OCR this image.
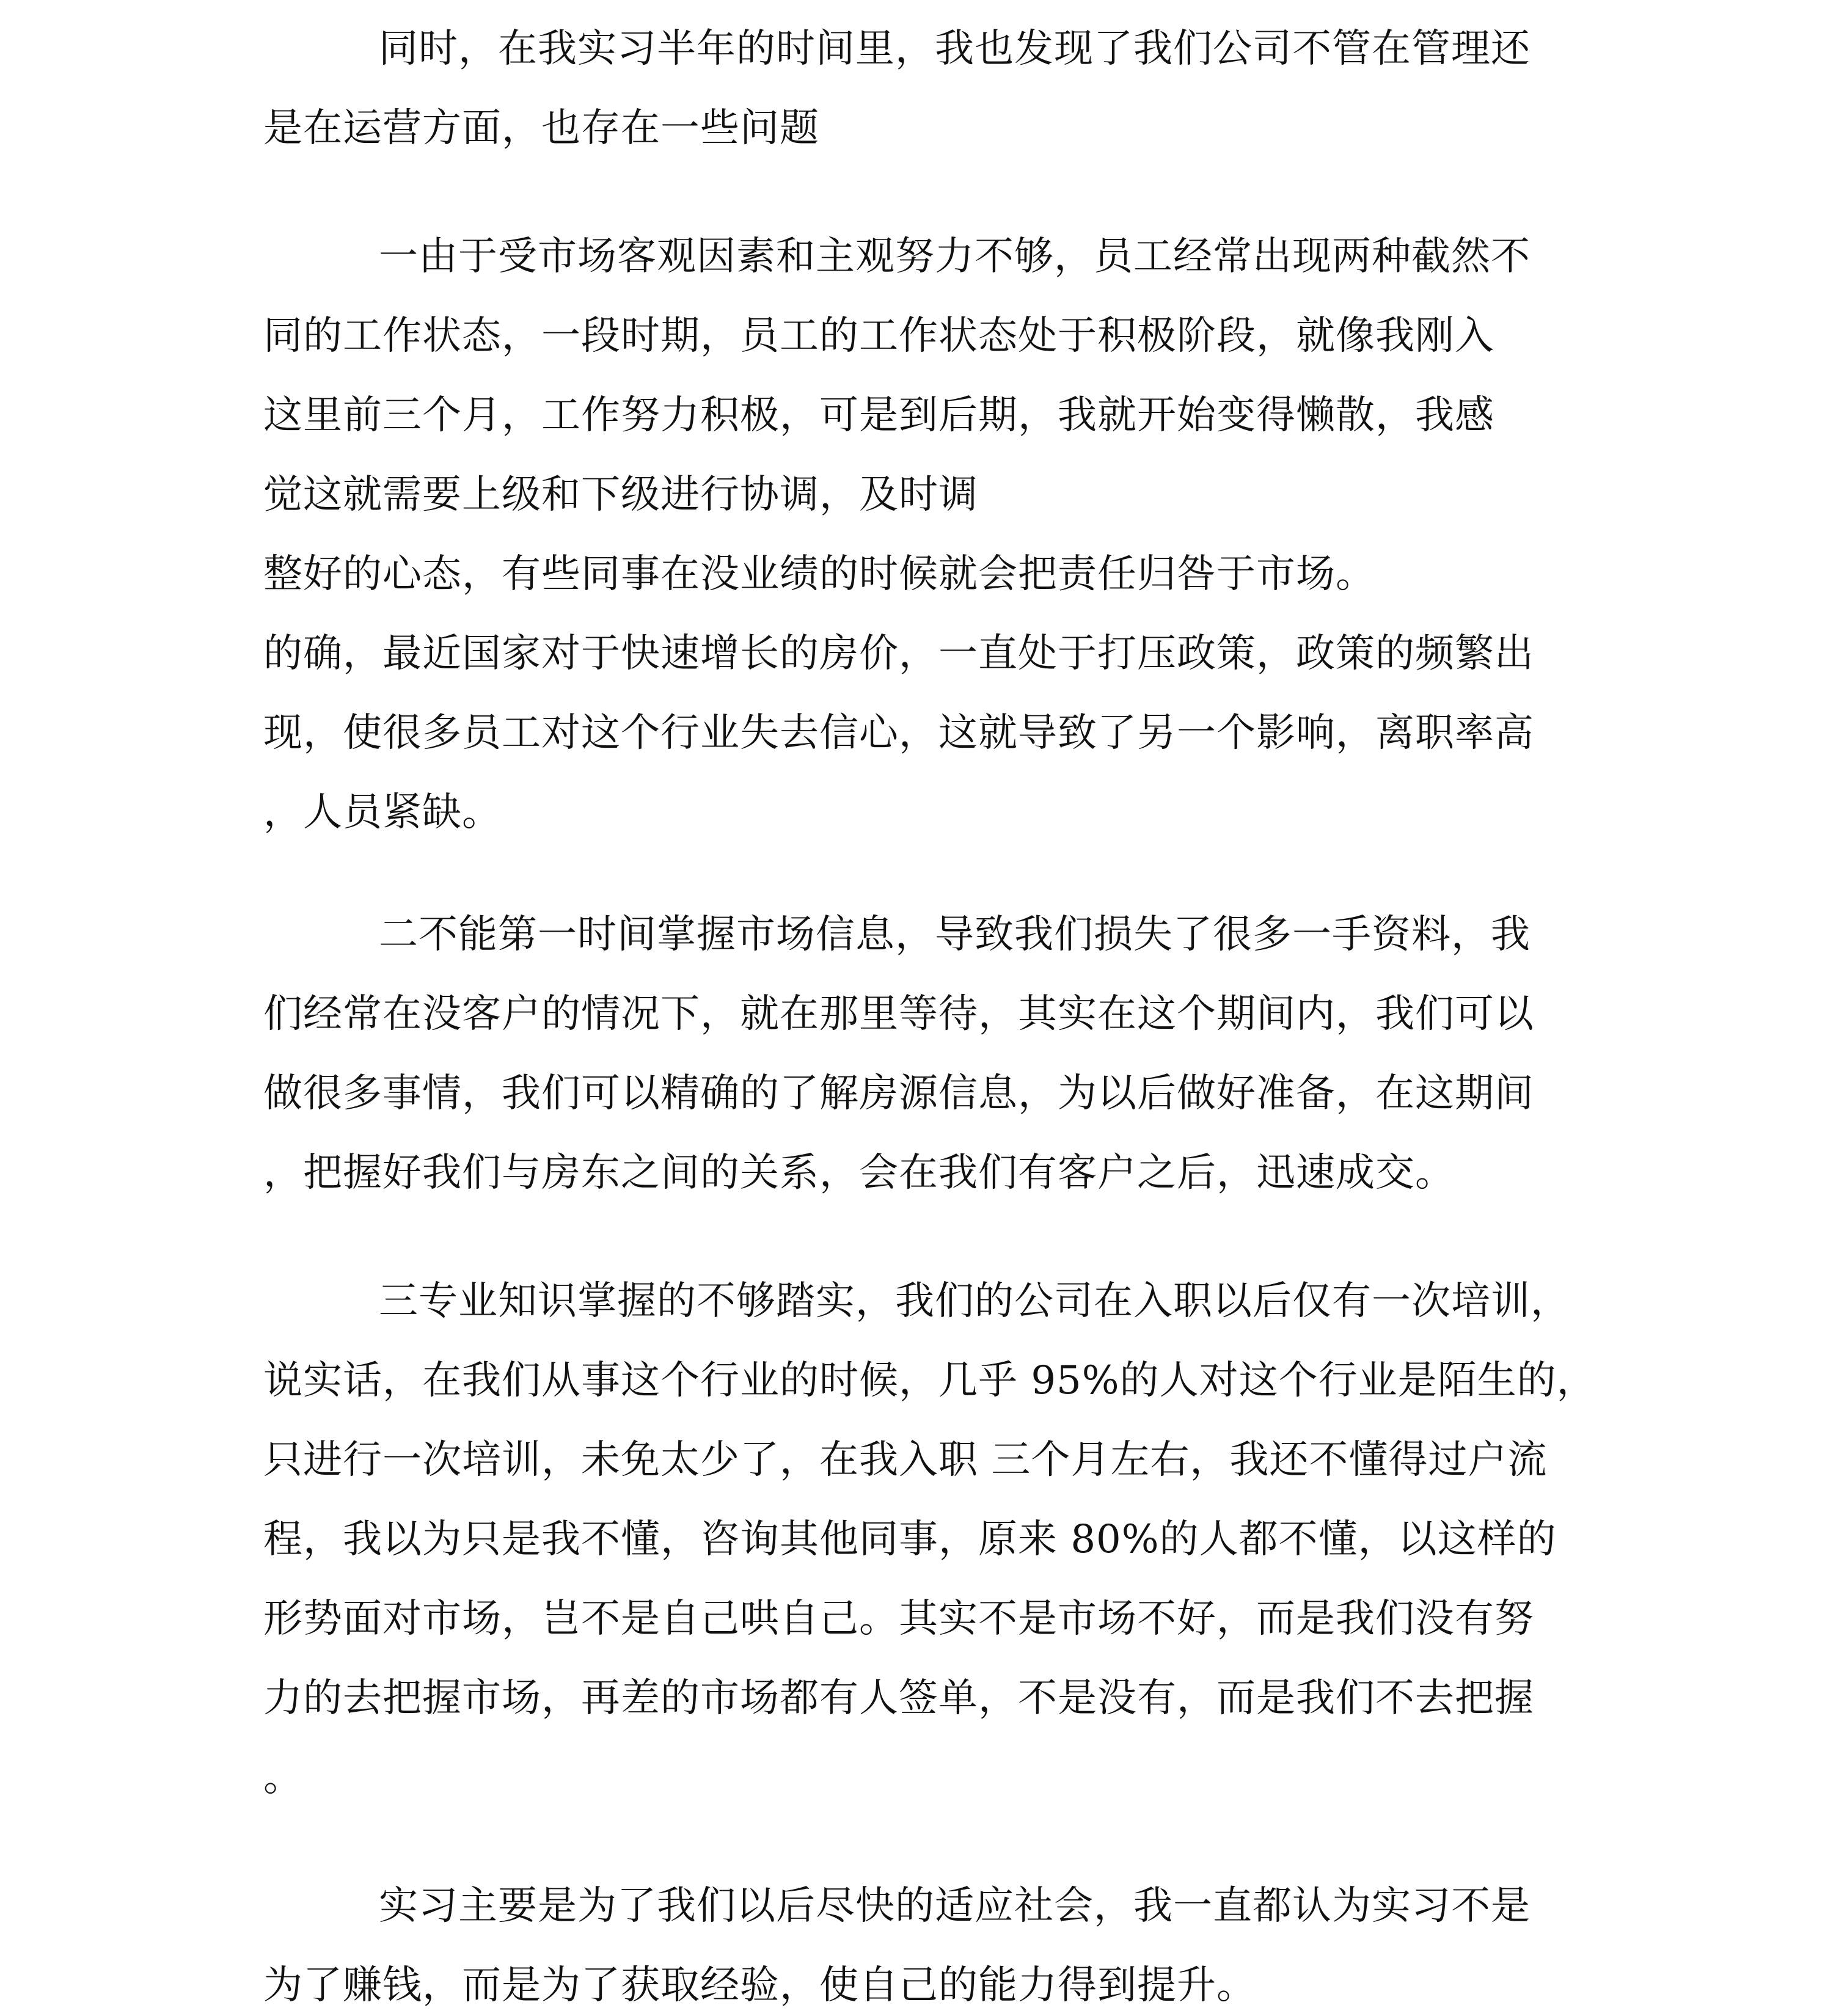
同时，在我实习半年的时间里，我也发现了我们公司不管在管理还

是在运营方面，也存在一些问题

一由于受市场客观因素和主观努力不够，员工经常出现两种截然不

同的工作状态，一段时期，员工的工作状态处于积极阶段，就像我刚入

这里前三个月，工作努力积极，可是到后期，我就开始变得懒散，我感

觉这就需要上级和下级进行协调，及时调

整好的心态，有些同事在没业绩的时候就会把责任归咎于市场。

的确，最近国家对于快速增长的房价，一直处于打压政策，政策的频繁出

现，使很多员工对这个行业失去信心，这就导致了另一个影响，离职率高

，人员紧缺。

二不能第一时间掌握市场信息，导致我们损失了很多一手资料，我

们经常在没客户的情况下，就在那里等待，其实在这个期间内，我们可以

做很多事情，我们可以精确的了解房源信息，为以后做好准备，在这期间

，把握好我们与房东之间的关系，会在我们有客户之后，迅速成交。

三专业知识掌握的不够踏实，我们的公司在入职以后仅有一次培训，

说实话，在我们从事这个行业的时候，几乎 95%的人对这个行业是陌生的，

只进行一次培训，未免太少了，在我入职 三个月左右，我还不懂得过户流

程，我以为只是我不懂，咨询其他同事，原来 80%的人都不懂，以这样的

形势面对市场，岂不是自己哄自己。其实不是市场不好，而是我们没有努

力的去把握市场，再差的市场都有人签单，不是没有，而是我们不去把握

。

实习主要是为了我们以后尽快的适应社会，我一直都认为实习不是

为了赚钱，而是为了获取经验，使自己的能力得到提升。
